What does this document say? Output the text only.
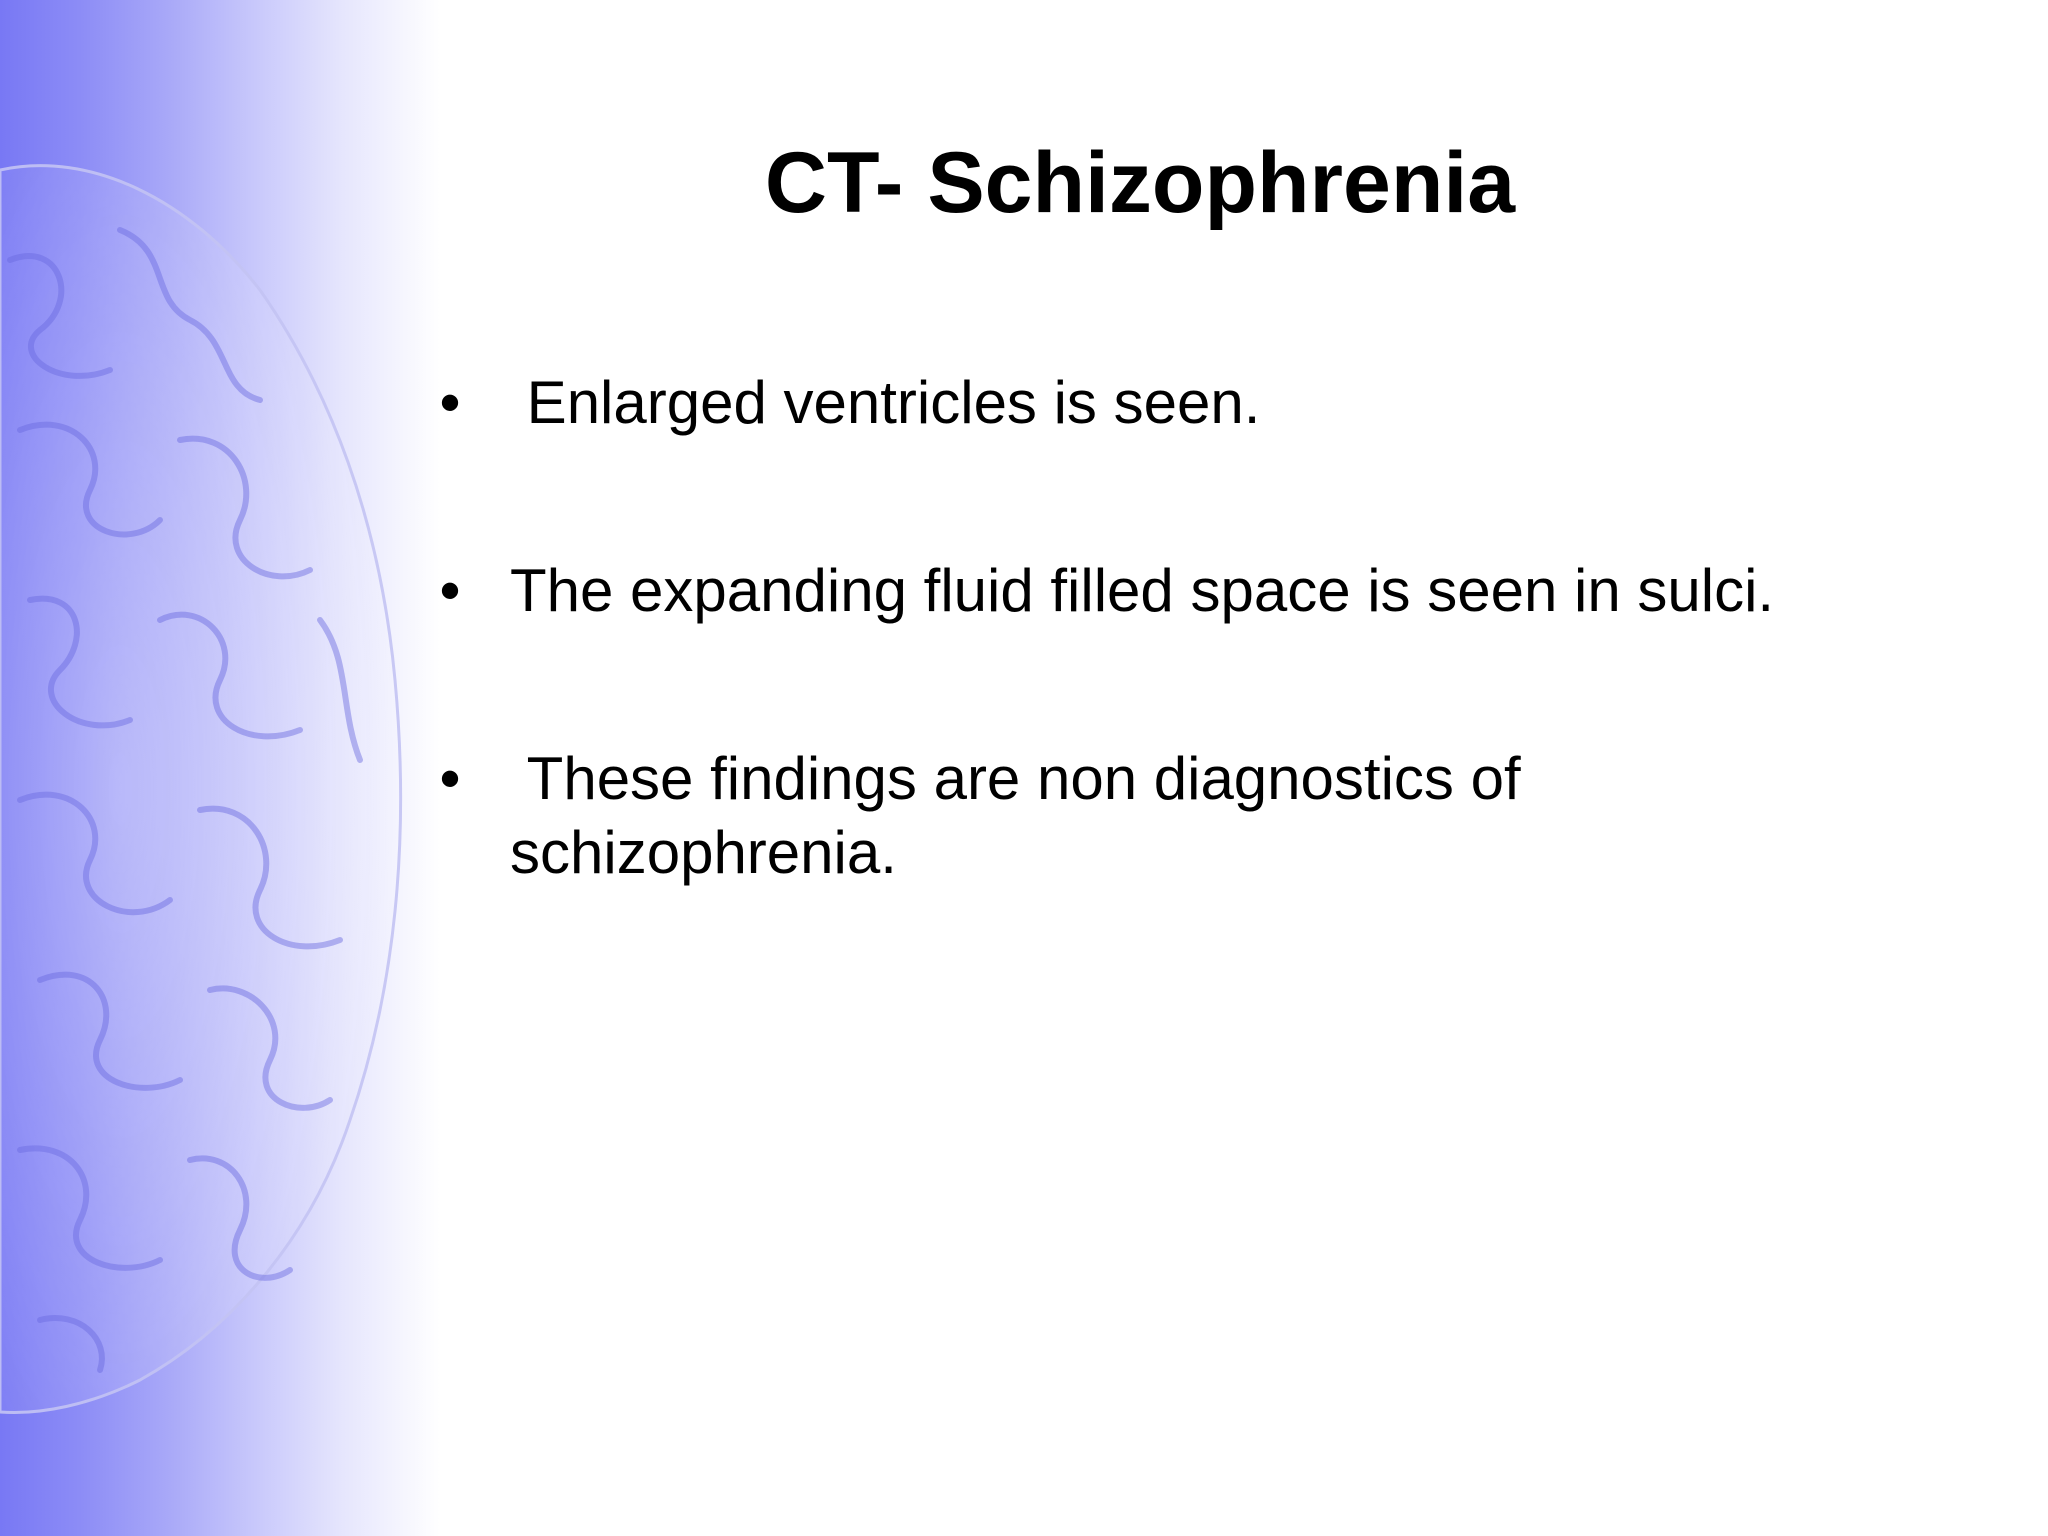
CT- Schizophrenia
• Enlarged ventricles is seen.
• The expanding fluid filled space is seen in sulci.
• These findings are non diagnostics of schizophrenia.
